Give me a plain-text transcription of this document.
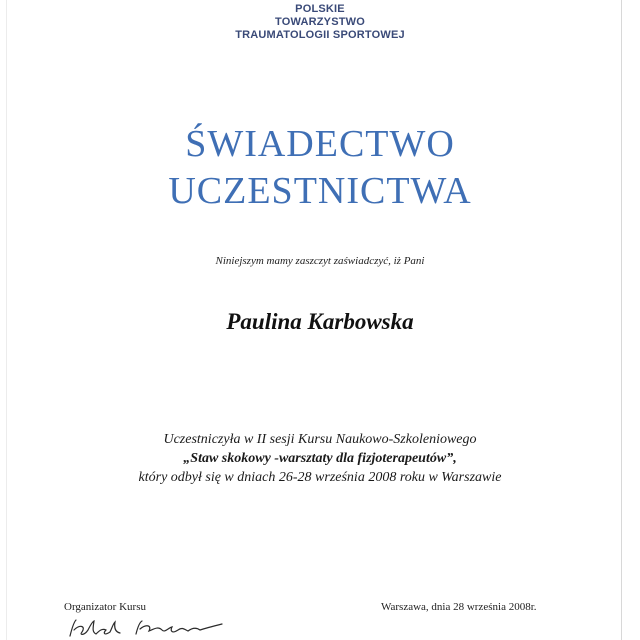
POLSKIE
TOWARZYSTWO
TRAUMATOLOGII SPORTOWEJ
ŚWIADECTWO
UCZESTNICTWA
Niniejszym mamy zaszczyt zaświadczyć, iż Pani
Paulina Karbowska
Uczestniczyła w II sesji Kursu Naukowo-Szkoleniowego
„Staw skokowy -warsztaty dla fizjoterapeutów”,
który odbył się w dniach 26-28 września 2008 roku w Warszawie
Organizator Kursu	Warszawa, dnia 28 września 2008r.
